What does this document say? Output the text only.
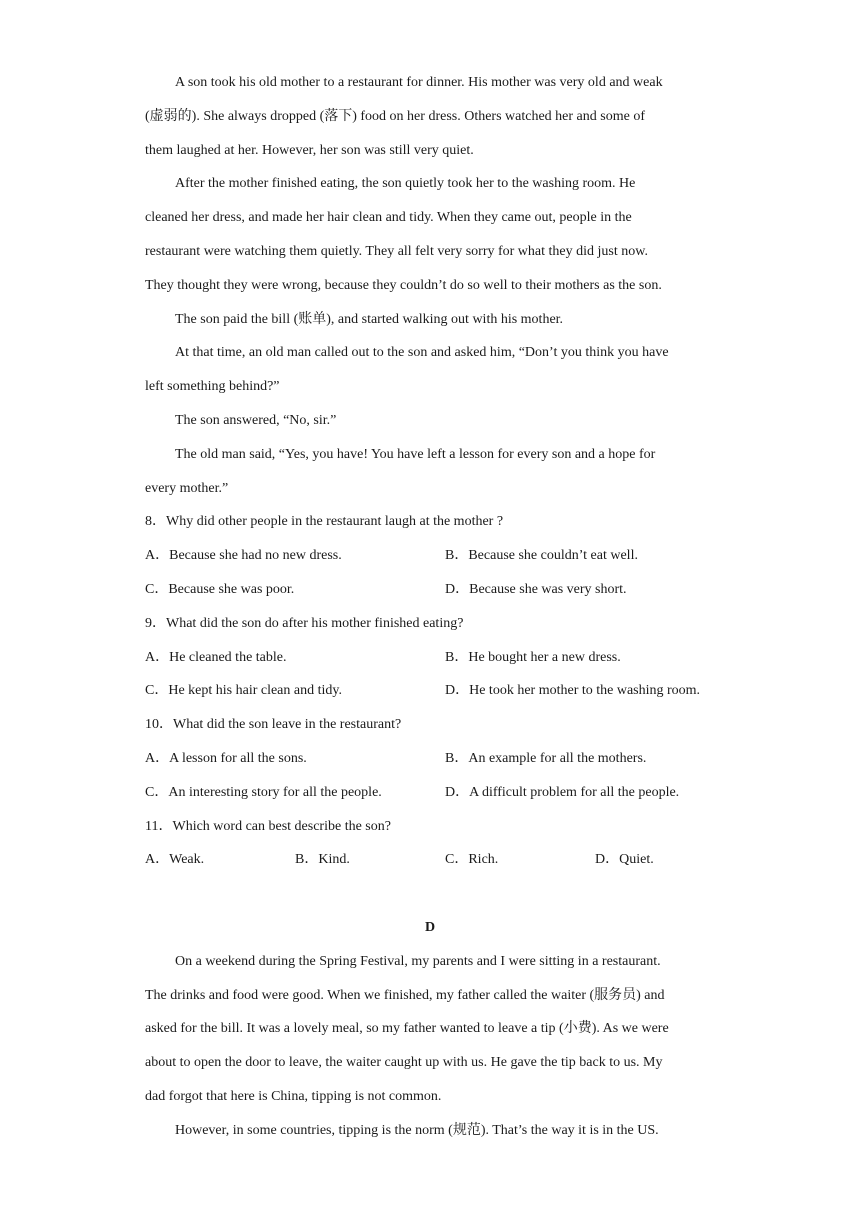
A son took his old mother to a restaurant for dinner. His mother was very old and weak
(虚弱的). She always dropped (落下) food on her dress. Others watched her and some of
them laughed at her. However, her son was still very quiet.
After the mother finished eating, the son quietly took her to the washing room. He
cleaned her dress, and made her hair clean and tidy. When they came out, people in the
restaurant were watching them quietly. They all felt very sorry for what they did just now.
They thought they were wrong, because they couldn’t do so well to their mothers as the son.
The son paid the bill (账单), and started walking out with his mother.
At that time, an old man called out to the son and asked him, “Don’t you think you have
left something behind?”
The son answered, “No, sir.”
The old man said, “Yes, you have! You have left a lesson for every son and a hope for
every mother.”
8．Why did other people in the restaurant laugh at the mother ?
A．Because she had no new dress.	B．Because she couldn’t eat well.
C．Because she was poor.	D．Because she was very short.
9．What did the son do after his mother finished eating?
A．He cleaned the table.	B．He bought her a new dress.
C．He kept his hair clean and tidy.	D．He took her mother to the washing room.
10．What did the son leave in the restaurant?
A．A lesson for all the sons.	B．An example for all the mothers.
C．An interesting story for all the people.	D．A difficult problem for all the people.
11．Which word can best describe the son?
A．Weak.	B．Kind.	C．Rich.	D．Quiet.
D
On a weekend during the Spring Festival, my parents and I were sitting in a restaurant.
The drinks and food were good. When we finished, my father called the waiter (服务员) and
asked for the bill. It was a lovely meal, so my father wanted to leave a tip (小费). As we were
about to open the door to leave, the waiter caught up with us. He gave the tip back to us. My
dad forgot that here is China, tipping is not common.
However, in some countries, tipping is the norm (规范). That’s the way it is in the US.
